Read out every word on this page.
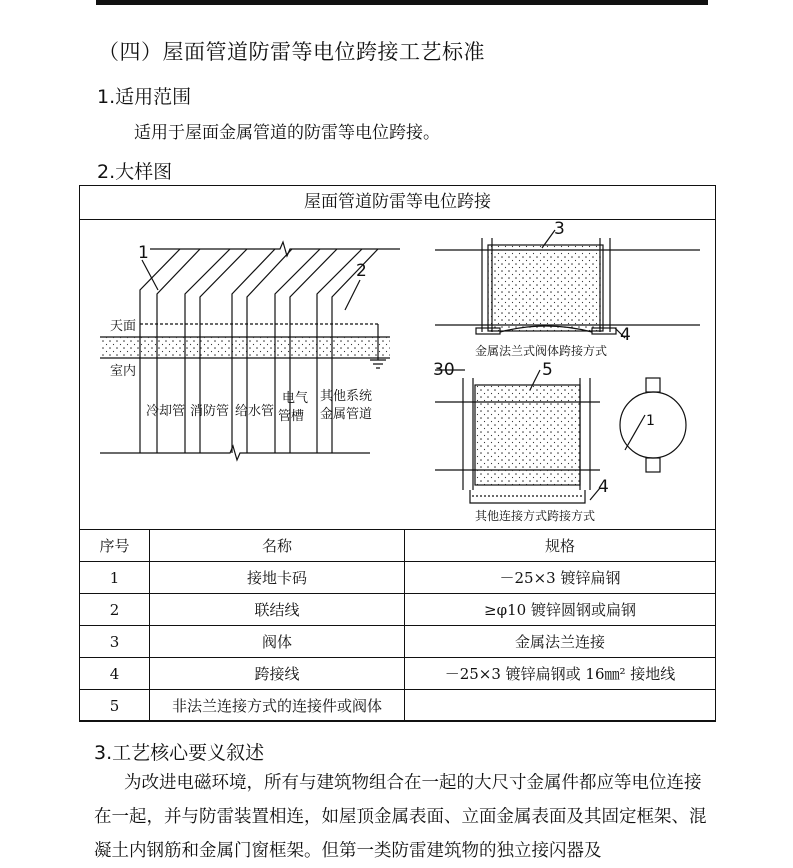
（四）屋面管道防雷等电位跨接工艺标准
1.适用范围
适用于屋面金属管道的防雷等电位跨接。
2.大样图
屋面管道防雷等电位跨接
天面
室内
冷却管 消防管 给水管
电气
管槽
其他系统
金属管道
1
2
3
4
金属法兰式阀体跨接方式
30	5
4
1
其他连接方式跨接方式
序号	名称	规格
1	接地卡码	－25×3 镀锌扁钢
2	联结线	≥φ10 镀锌圆钢或扁钢
3	阀体	金属法兰连接
4	跨接线	－25×3 镀锌扁钢或 16㎜² 接地线
5	非法兰连接方式的连接件或阀体	
3.工艺核心要义叙述
为改进电磁环境，所有与建筑物组合在一起的大尺寸金属件都应等电位连接在一起，并与防雷装置相连，如屋顶金属表面、立面金属表面及其固定框架、混凝土内钢筋和金属门窗框架。但第一类防雷建筑物的独立接闪器及
